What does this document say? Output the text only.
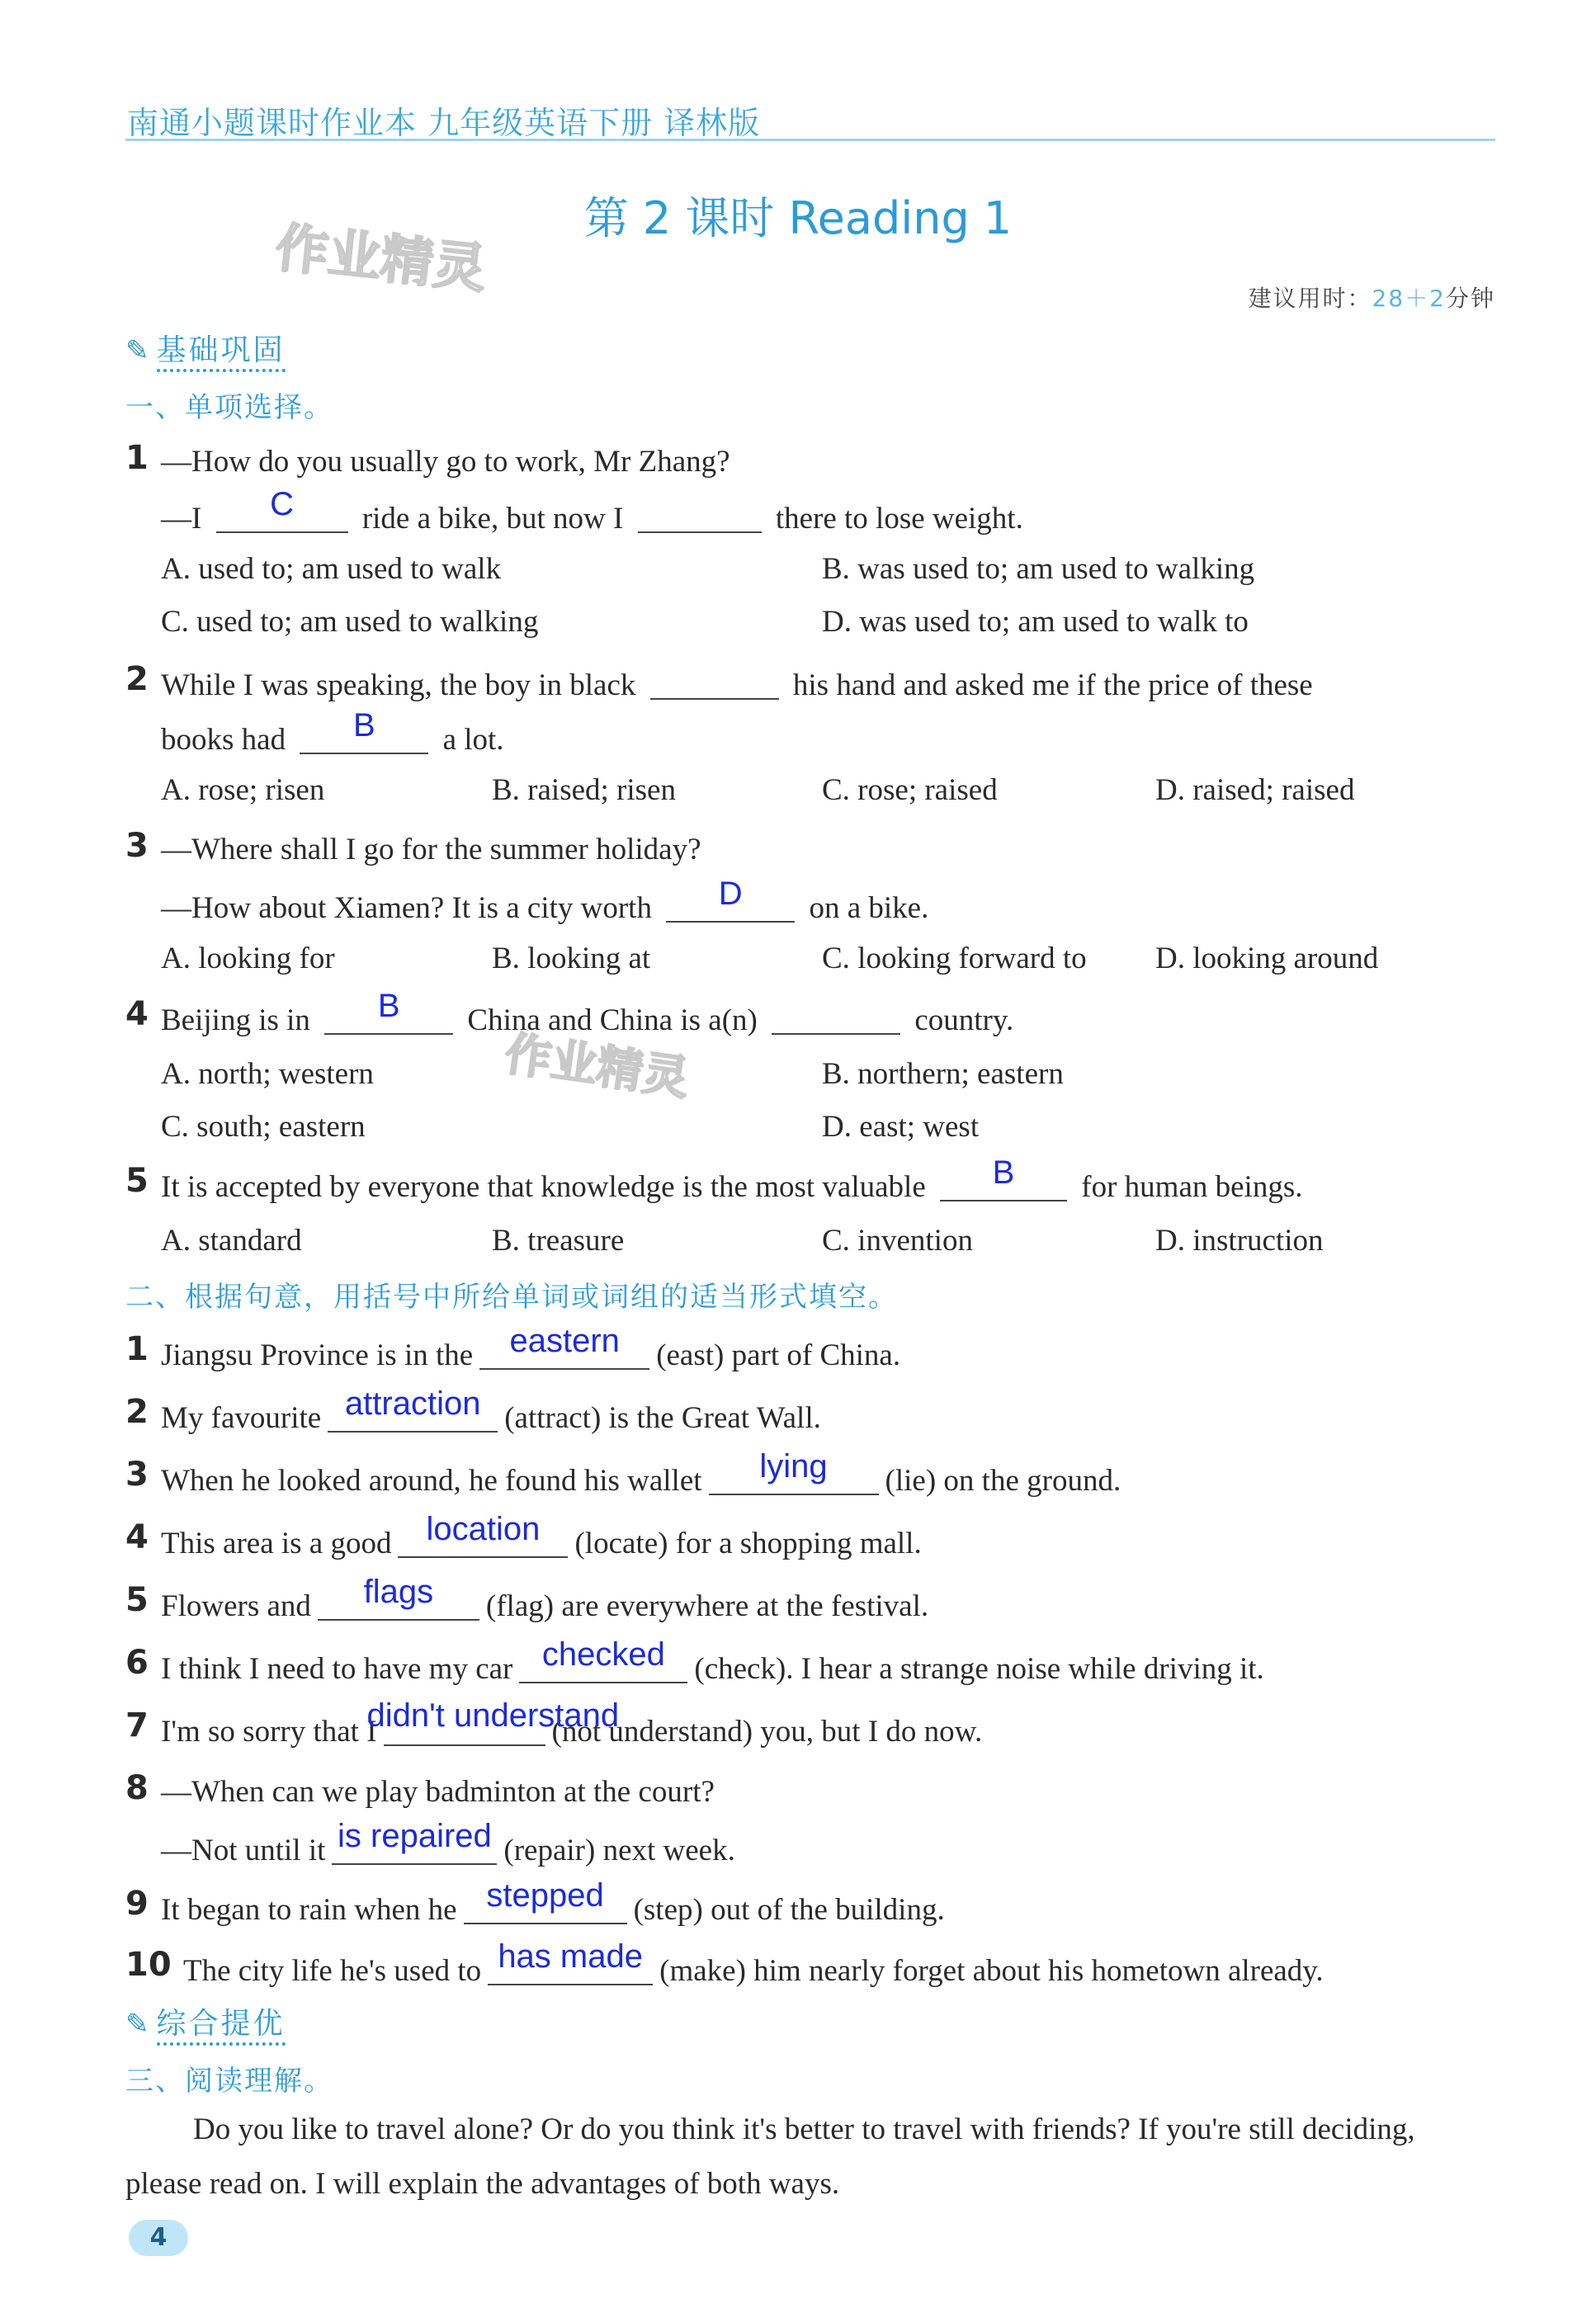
南通小题课时作业本 九年级英语下册 译林版
第 2 课时 Reading 1
作业精灵
作业精灵
建议用时：28＋2分钟
✎ 基础巩固
一、单项选择。
1 —How do you usually go to work, Mr Zhang?
—I	C	ride a bike, but now I	there to lose weight.
A. used to; am used to walk	B. was used to; am used to walking
C. used to; am used to walking	D. was used to; am used to walk to
2 While I was speaking, the boy in black	his hand and asked me if the price of these
books had	B	a lot.
A. rose; risen	B. raised; risen	C. rose; raised	D. raised; raised
3 —Where shall I go for the summer holiday?
—How about Xiamen? It is a city worth	D	on a bike.
A. looking for	B. looking at	C. looking forward to D. looking around
4 Beijing is in	B	China and China is a(n)	country.
A. north; western	B. northern; eastern
C. south; eastern	D. east; west
5 It is accepted by everyone that knowledge is the most valuable	B	for human beings.
A. standard	B. treasure	C. invention	D. instruction
二、根据句意，用括号中所给单词或词组的适当形式填空。
1 Jiangsu Province is in the	eastern	(east) part of China.
2 My favourite attraction (attract) is the Great Wall.
3 When he looked around, he found his wallet	lying	(lie) on the ground.
4 This area is a good	location	(locate) for a shopping mall.
5 Flowers and	flags	(flag) are everywhere at the festival.
6 I think I need to have my car checked (check). I hear a strange noise while driving it.
7 I'm so sorry that I
didn't understand
(not understand) you, but I do now.
8 —When can we play badminton at the court?
—Not until it is repaired (repair) next week.
9 It began to rain when he stepped (step) out of the building.
10 The city life he's used to has made (make) him nearly forget about his hometown already.
✎ 综合提优
三、阅读理解。
Do you like to travel alone? Or do you think it's better to travel with friends? If you're still deciding, please read on. I will explain the advantages of both ways.
4
